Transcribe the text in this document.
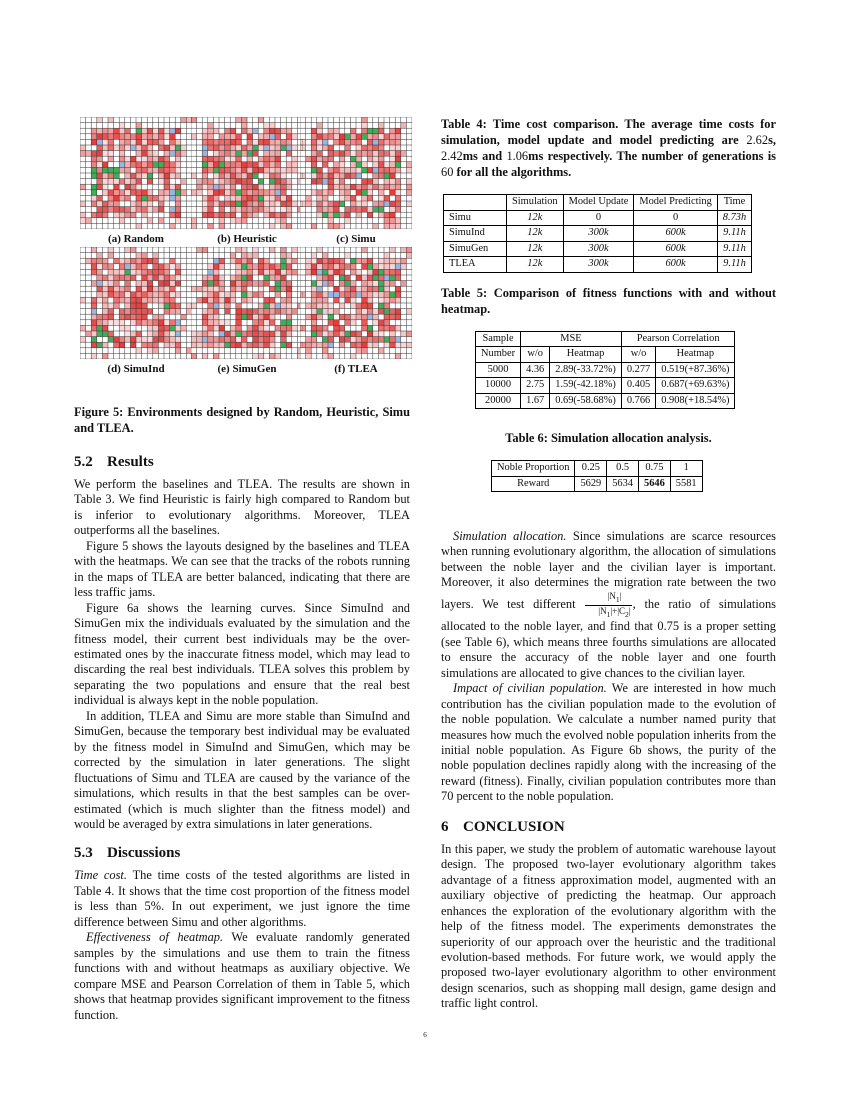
(a) Random	(b) Heuristic	(c) Simu
(d) SimuInd	(e) SimuGen	(f) TLEA

Figure 5: Environments designed by Random, Heuristic, Simu and TLEA.

5.2 Results

We perform the baselines and TLEA. The results are shown in Table 3. We find Heuristic is fairly high compared to Random but is inferior to evolutionary algorithms. Moreover, TLEA outperforms all the baselines.

Figure 5 shows the layouts designed by the baselines and TLEA with the heatmaps. We can see that the tracks of the robots running in the maps of TLEA are better balanced, indicating that there are less traffic jams.

Figure 6a shows the learning curves. Since SimuInd and SimuGen mix the individuals evaluated by the simulation and the fitness model, their current best individuals may be the over-estimated ones by the inaccurate fitness model, which may lead to discarding the real best individuals. TLEA solves this problem by separating the two populations and ensure that the real best individual is always kept in the noble population.

In addition, TLEA and Simu are more stable than SimuInd and SimuGen, because the temporary best individual may be evaluated by the fitness model in SimuInd and SimuGen, which may be corrected by the simulation in later generations. The slight fluctuations of Simu and TLEA are caused by the variance of the simulations, which results in that the best samples can be over-estimated (which is much slighter than the fitness model) and would be averaged by extra simulations in later generations.

5.3 Discussions

Time cost. The time costs of the tested algorithms are listed in Table 4. It shows that the time cost proportion of the fitness model is less than 5%. In out experiment, we just ignore the time difference between Simu and other algorithms.

Effectiveness of heatmap. We evaluate randomly generated samples by the simulations and use them to train the fitness functions with and without heatmaps as auxiliary objective. We compare MSE and Pearson Correlation of them in Table 5, which shows that heatmap provides significant improvement to the fitness function.

Table 4: Time cost comparison. The average time costs for simulation, model update and model predicting are 2.62s, 2.42ms and 1.06ms respectively. The number of generations is 60 for all the algorithms.

	Simulation	Model Update	Model Predicting	Time
Simu	12k	0	0	8.73h
SimuInd	12k	300k	600k	9.11h
SimuGen	12k	300k	600k	9.11h
TLEA	12k	300k	600k	9.11h

Table 5: Comparison of fitness functions with and without heatmap.

Sample	MSE		Pearson Correlation	
Number	w/o	Heatmap	w/o	Heatmap
5000	4.36	2.89(-33.72%)	0.277	0.519(+87.36%)
10000	2.75	1.59(-42.18%)	0.405	0.687(+69.63%)
20000	1.67	0.69(-58.68%)	0.766	0.908(+18.54%)

Table 6: Simulation allocation analysis.

Noble Proportion	0.25	0.5	0.75	1
Reward	5629	5634	5646	5581

Simulation allocation. Since simulations are scarce resources when running evolutionary algorithm, the allocation of simulations between the noble layer and the civilian layer is important. Moreover, it also determines the migration rate between the two layers. We test different $\frac{|N_1|}{|N_1|+|C_2|}$ , the ratio of simulations allocated to the noble layer, and find that 0.75 is a proper setting (see Table 6), which means three fourths simulations are allocated to ensure the accuracy of the noble layer and one fourth simulations are allocated to give chances to the civilian layer.

Impact of civilian population. We are interested in how much contribution has the civilian population made to the evolution of the noble population. We calculate a number named purity that measures how much the evolved noble population inherits from the initial noble population. As Figure 6b shows, the purity of the noble population declines rapidly along with the increasing of the reward (fitness). Finally, civilian population contributes more than 70 percent to the noble population.

6 CONCLUSION

In this paper, we study the problem of automatic warehouse layout design. The proposed two-layer evolutionary algorithm takes advantage of a fitness approximation model, augmented with an auxiliary objective of predicting the heatmap. Our approach enhances the exploration of the evolutionary algorithm with the help of the fitness model. The experiments demonstrates the superiority of our approach over the heuristic and the traditional evolution-based methods. For future work, we would apply the proposed two-layer evolutionary algorithm to other environment design scenarios, such as shopping mall design, game design and traffic light control.

6
